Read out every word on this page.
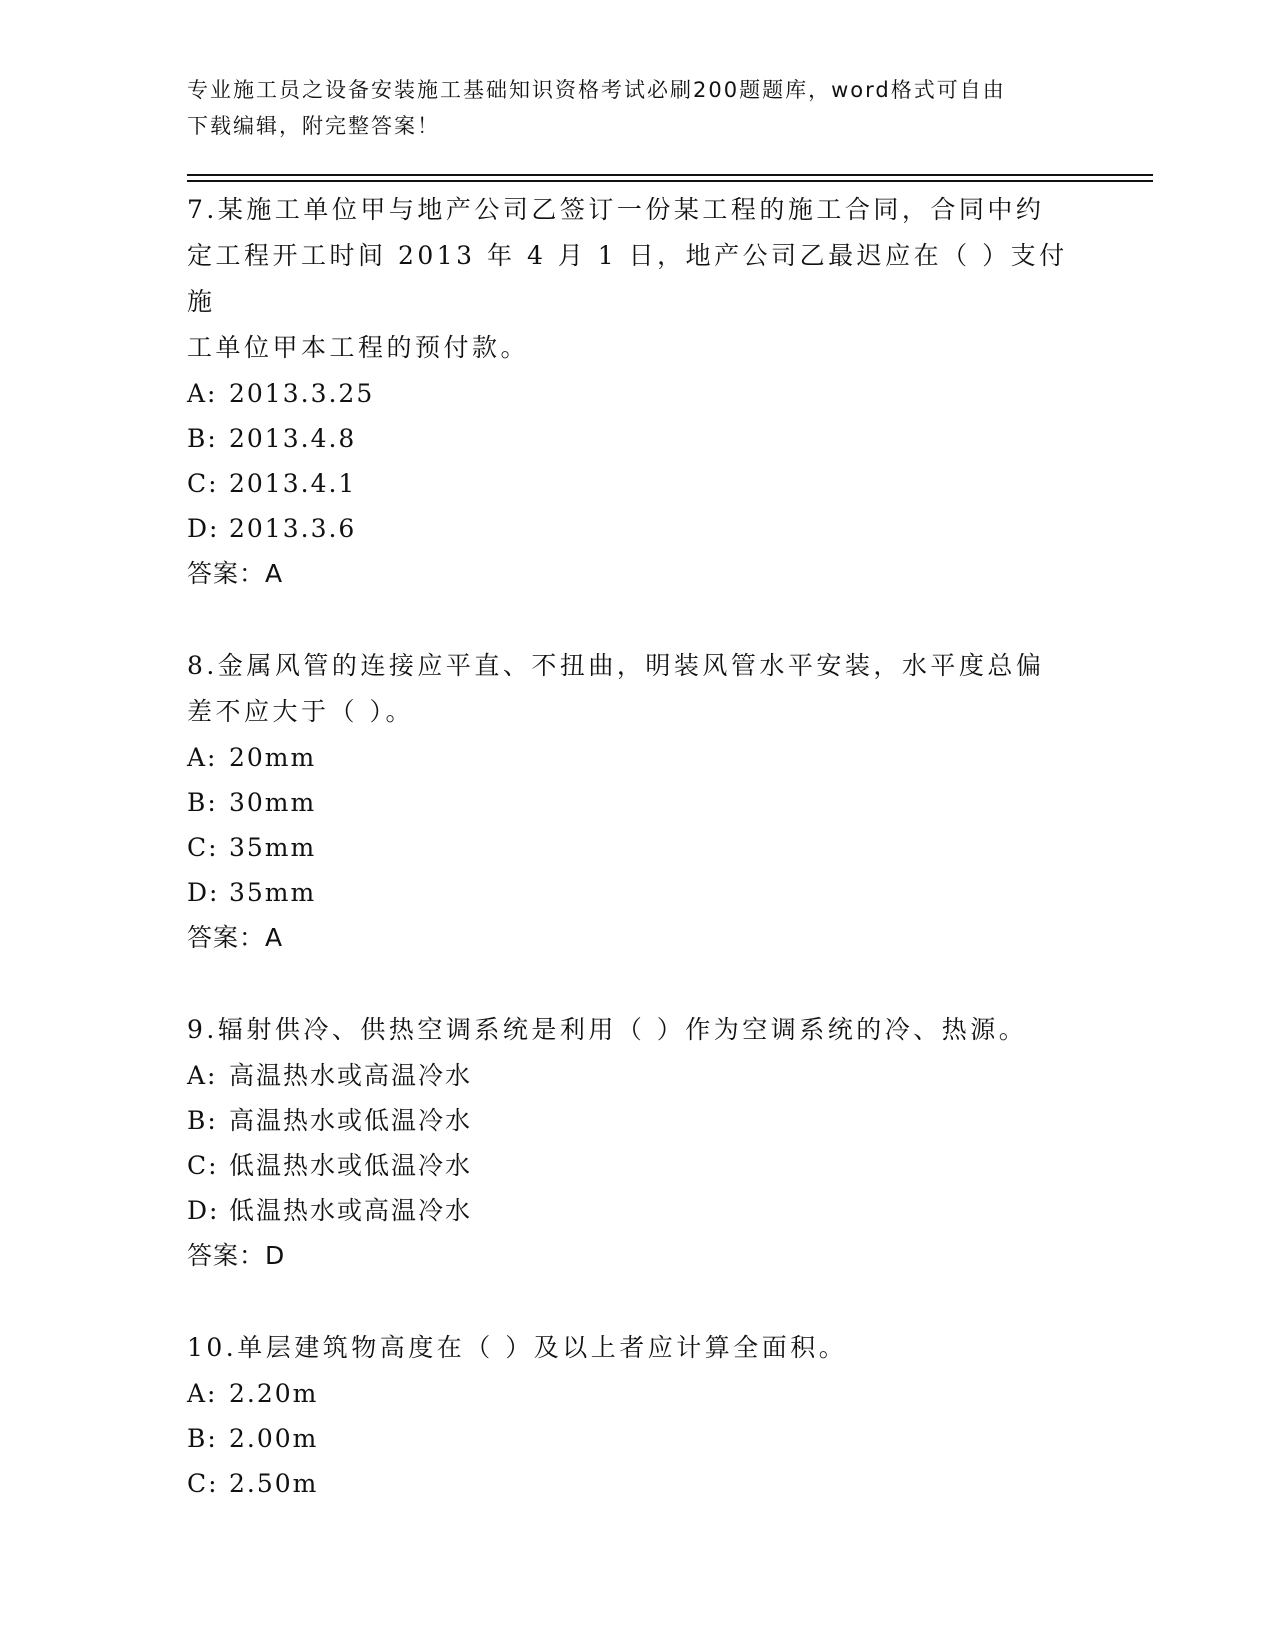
专业施工员之设备安装施工基础知识资格考试必刷200题题库，word格式可自由
下载编辑，附完整答案！
7.某施工单位甲与地产公司乙签订一份某工程的施工合同，合同中约
定工程开工时间 2013 年 4 月 1 日，地产公司乙最迟应在（ ）支付施
工单位甲本工程的预付款。
A: 2013.3.25
B: 2013.4.8
C: 2013.4.1
D: 2013.3.6
答案：A
8.金属风管的连接应平直、不扭曲，明装风管水平安装，水平度总偏
差不应大于（ ）。
A: 20mm
B: 30mm
C: 35mm
D: 35mm
答案：A
9.辐射供冷、供热空调系统是利用（ ）作为空调系统的冷、热源。
A: 高温热水或高温冷水
B: 高温热水或低温冷水
C: 低温热水或低温冷水
D: 低温热水或高温冷水
答案：D
10.单层建筑物高度在（ ）及以上者应计算全面积。
A: 2.20m
B: 2.00m
C: 2.50m
